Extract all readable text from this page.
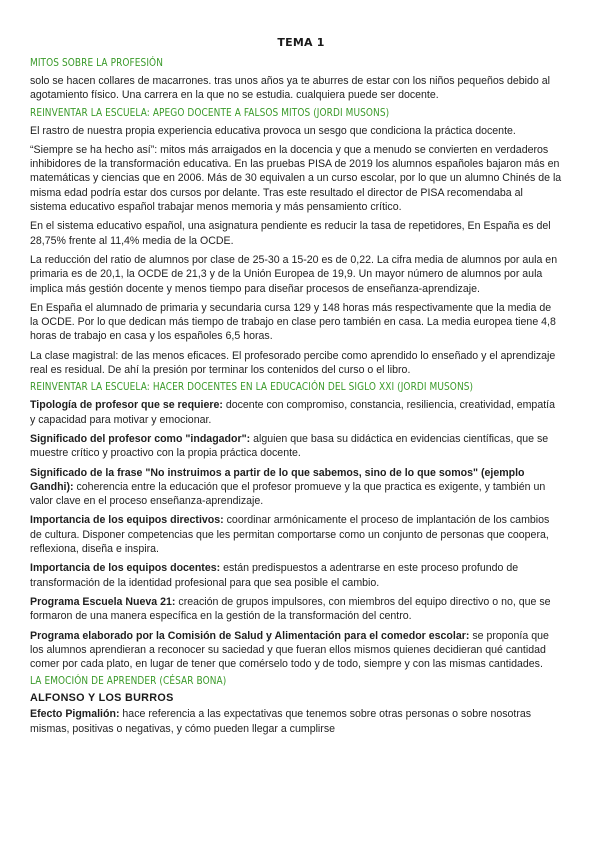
TEMA 1
MITOS SOBRE LA PROFESIÓN

solo se hacen collares de macarrones. tras unos años ya te aburres de estar con los niños pequeños debido al agotamiento físico. Una carrera en la que no se estudia. cualquiera puede ser docente.

REINVENTAR LA ESCUELA: APEGO DOCENTE A FALSOS MITOS (JORDI MUSONS)

El rastro de nuestra propia experiencia educativa provoca un sesgo que condiciona la práctica docente.

“Siempre se ha hecho así”: mitos más arraigados en la docencia y que a menudo se convierten en verdaderos inhibidores de la transformación educativa. En las pruebas PISA de 2019 los alumnos españoles bajaron más en matemáticas y ciencias que en 2006. Más de 30 equivalen a un curso escolar, por lo que un alumno Chinés de la misma edad podría estar dos cursos por delante. Tras este resultado el director de PISA recomendaba al sistema educativo español trabajar menos memoria y más pensamiento crítico.

En el sistema educativo español, una asignatura pendiente es reducir la tasa de repetidores, En España es del 28,75% frente al 11,4% media de la OCDE.

La reducción del ratio de alumnos por clase de 25-30 a 15-20 es de 0,22. La cifra media de alumnos por aula en primaria es de 20,1, la OCDE de 21,3 y de la Unión Europea de 19,9. Un mayor número de alumnos por aula implica más gestión docente y menos tiempo para diseñar procesos de enseñanza-aprendizaje.

En España el alumnado de primaria y secundaria cursa 129 y 148 horas más respectivamente que la media de la OCDE. Por lo que dedican más tiempo de trabajo en clase pero también en casa. La media europea tiene 4,8 horas de trabajo en casa y los españoles 6,5 horas.

La clase magistral: de las menos eficaces. El profesorado percibe como aprendido lo enseñado y el aprendizaje real es residual. De ahí la presión por terminar los contenidos del curso o el libro.

REINVENTAR LA ESCUELA: HACER DOCENTES EN LA EDUCACIÓN DEL SIGLO XXI (JORDI MUSONS)

Tipología de profesor que se requiere: docente con compromiso, constancia, resiliencia, creatividad, empatía y capacidad para motivar y emocionar.

Significado del profesor como "indagador": alguien que basa su didáctica en evidencias científicas, que se muestre crítico y proactivo con la propia práctica docente.

Significado de la frase "No instruimos a partir de lo que sabemos, sino de lo que somos" (ejemplo Gandhi): coherencia entre la educación que el profesor promueve y la que practica es exigente, y también un valor clave en el proceso enseñanza-aprendizaje.

Importancia de los equipos directivos: coordinar armónicamente el proceso de implantación de los cambios de cultura. Disponer competencias que les permitan comportarse como un conjunto de personas que coopera, reflexiona, diseña e inspira.

Importancia de los equipos docentes: están predispuestos a adentrarse en este proceso profundo de transformación de la identidad profesional para que sea posible el cambio.

Programa Escuela Nueva 21: creación de grupos impulsores, con miembros del equipo directivo o no, que se formaron de una manera específica en la gestión de la transformación del centro.

Programa elaborado por la Comisión de Salud y Alimentación para el comedor escolar: se proponía que los alumnos aprendieran a reconocer su saciedad y que fueran ellos mismos quienes decidieran qué cantidad comer por cada plato, en lugar de tener que comérselo todo y de todo, siempre y con las mismas cantidades.

LA EMOCIÓN DE APRENDER (CÉSAR BONA)
ALFONSO Y LOS BURROS

Efecto Pigmalión: hace referencia a las expectativas que tenemos sobre otras personas o sobre nosotras mismas, positivas o negativas, y cómo pueden llegar a cumplirse
